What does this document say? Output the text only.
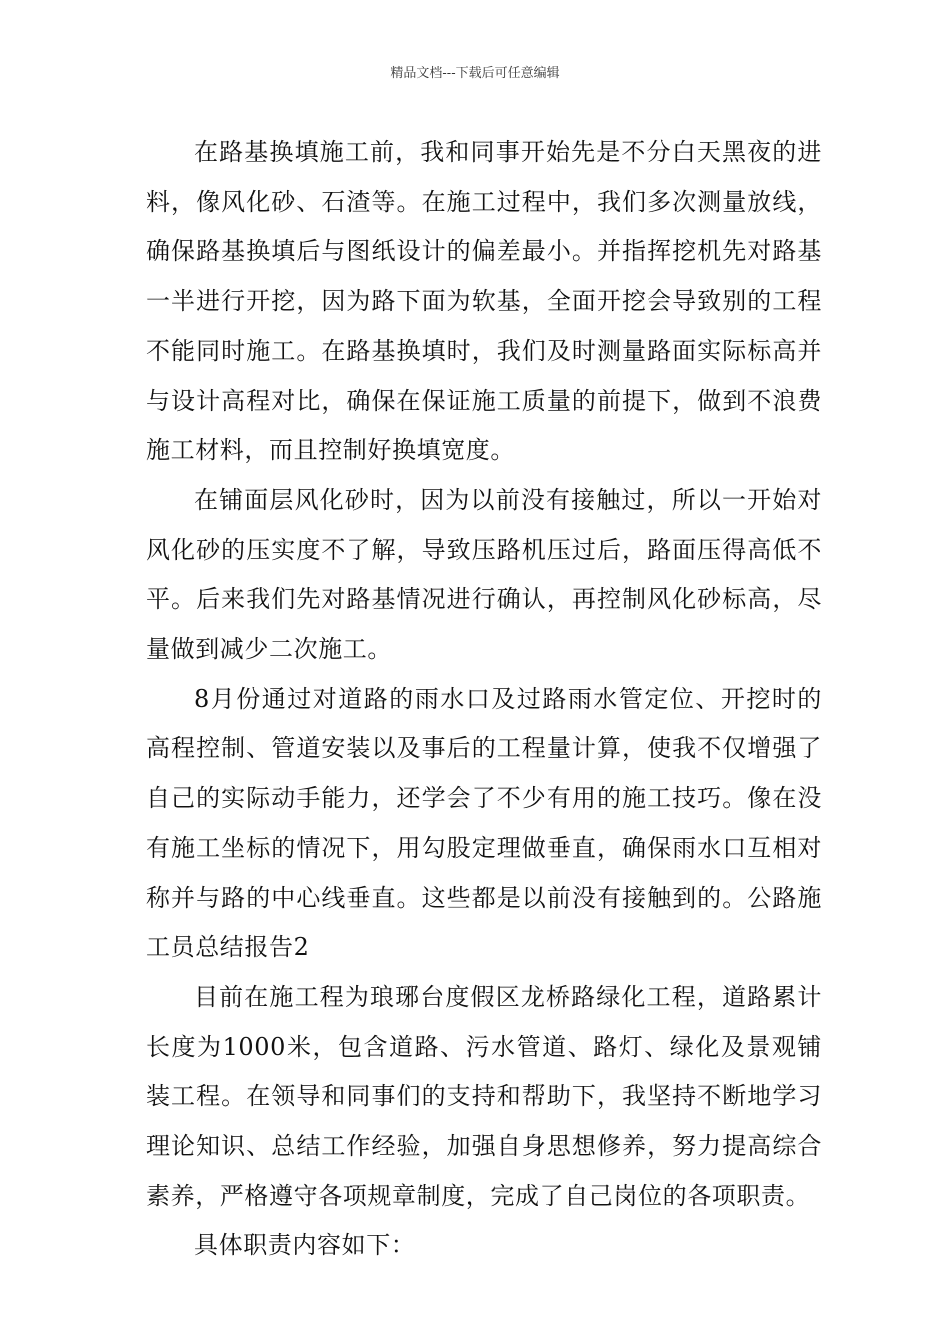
精品文档---下载后可任意编辑

在路基换填施工前，我和同事开始先是不分白天黑夜的进料，像风化砂、石渣等。在施工过程中，我们多次测量放线，确保路基换填后与图纸设计的偏差最小。并指挥挖机先对路基一半进行开挖，因为路下面为软基，全面开挖会导致别的工程不能同时施工。在路基换填时，我们及时测量路面实际标高并与设计高程对比，确保在保证施工质量的前提下，做到不浪费施工材料，而且控制好换填宽度。

在铺面层风化砂时，因为以前没有接触过，所以一开始对风化砂的压实度不了解，导致压路机压过后，路面压得高低不平。后来我们先对路基情况进行确认，再控制风化砂标高，尽量做到减少二次施工。

8月份通过对道路的雨水口及过路雨水管定位、开挖时的高程控制、管道安装以及事后的工程量计算，使我不仅增强了自己的实际动手能力，还学会了不少有用的施工技巧。像在没有施工坐标的情况下，用勾股定理做垂直，确保雨水口互相对称并与路的中心线垂直。这些都是以前没有接触到的。公路施工员总结报告2

目前在施工程为琅琊台度假区龙桥路绿化工程，道路累计长度为1000米，包含道路、污水管道、路灯、绿化及景观铺装工程。在领导和同事们的支持和帮助下，我坚持不断地学习理论知识、总结工作经验，加强自身思想修养，努力提高综合素养，严格遵守各项规章制度，完成了自己岗位的各项职责。

具体职责内容如下：
